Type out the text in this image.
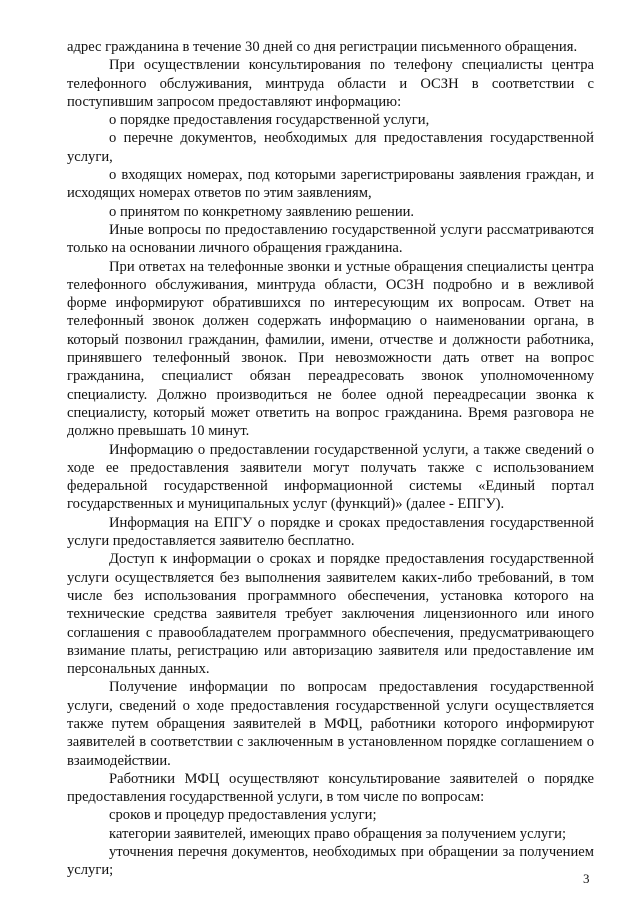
адрес гражданина в течение 30 дней со дня регистрации письменного обращения.

При осуществлении консультирования по телефону специалисты центра телефонного обслуживания, минтруда области и ОСЗН в соответствии с поступившим запросом предоставляют информацию:

о порядке предоставления государственной услуги,

о перечне документов, необходимых для предоставления государственной услуги,

о входящих номерах, под которыми зарегистрированы заявления граждан, и исходящих номерах ответов по этим заявлениям,

о принятом по конкретному заявлению решении.

Иные вопросы по предоставлению государственной услуги рассматриваются только на основании личного обращения гражданина.

При ответах на телефонные звонки и устные обращения специалисты центра телефонного обслуживания, минтруда области, ОСЗН подробно и в вежливой форме информируют обратившихся по интересующим их вопросам. Ответ на телефонный звонок должен содержать информацию о наименовании органа, в который позвонил гражданин, фамилии, имени, отчестве и должности работника, принявшего телефонный звонок. При невозможности дать ответ на вопрос гражданина, специалист обязан переадресовать звонок уполномоченному специалисту. Должно производиться не более одной переадресации звонка к специалисту, который может ответить на вопрос гражданина. Время разговора не должно превышать 10 минут.

Информацию о предоставлении государственной услуги, а также сведений о ходе ее предоставления заявители могут получать также с использованием федеральной государственной информационной системы «Единый портал государственных и муниципальных услуг (функций)» (далее - ЕПГУ).

Информация на ЕПГУ о порядке и сроках предоставления государственной услуги предоставляется заявителю бесплатно.

Доступ к информации о сроках и порядке предоставления государственной услуги осуществляется без выполнения заявителем каких-либо требований, в том числе без использования программного обеспечения, установка которого на технические средства заявителя требует заключения лицензионного или иного соглашения с правообладателем программного обеспечения, предусматривающего взимание платы, регистрацию или авторизацию заявителя или предоставление им персональных данных.

Получение информации по вопросам предоставления государственной услуги, сведений о ходе предоставления государственной услуги осуществляется также путем обращения заявителей в МФЦ, работники которого информируют заявителей в соответствии с заключенным в установленном порядке соглашением о взаимодействии.

Работники МФЦ осуществляют консультирование заявителей о порядке предоставления государственной услуги, в том числе по вопросам:

сроков и процедур предоставления услуги;

категории заявителей, имеющих право обращения за получением услуги;

уточнения перечня документов, необходимых при обращении за получением услуги;

3
